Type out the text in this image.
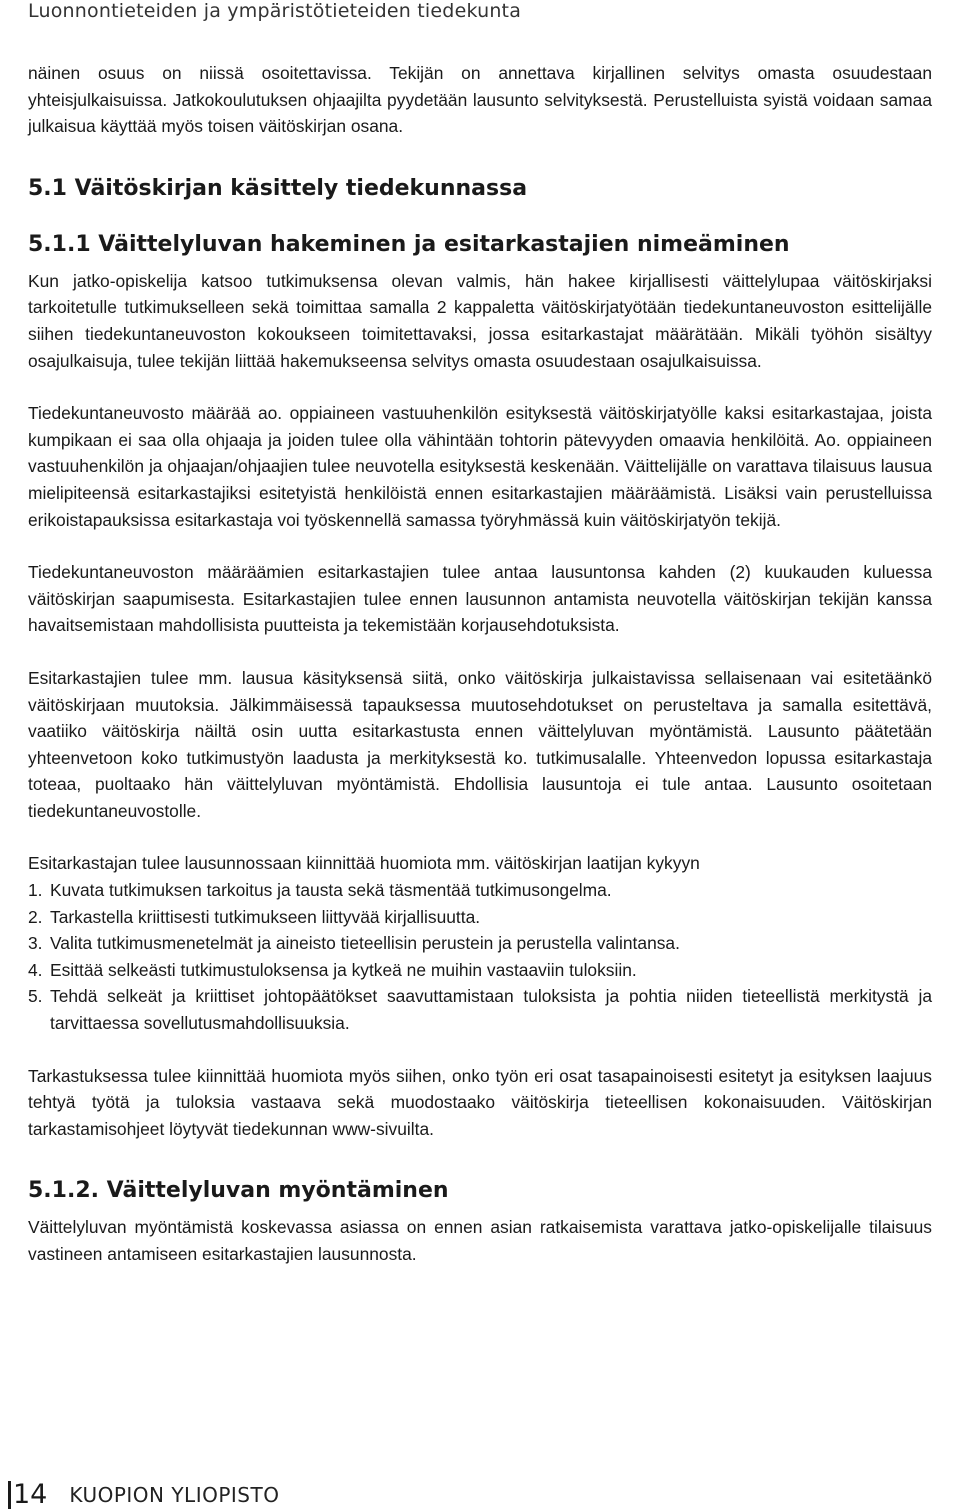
Luonnontieteiden ja ympäristötieteiden tiedekunta

näinen osuus on niissä osoitettavissa. Tekijän on annettava kirjallinen selvitys omasta osuudestaan yhteisjulkaisuissa. Jatkokoulutuksen ohjaajilta pyydetään lausunto selvityksestä. Perustelluista syistä voidaan samaa julkaisua käyttää myös toisen väitöskirjan osana.

5.1 Väitöskirjan käsittely tiedekunnassa
5.1.1 Väittelyluvan hakeminen ja esitarkastajien nimeäminen

Kun jatko-opiskelija katsoo tutkimuksensa olevan valmis, hän hakee kirjallisesti väittelylupaa väitöskirjaksi tarkoitetulle tutkimukselleen sekä toimittaa samalla 2 kappaletta väitöskirjatyötään tiedekuntaneuvoston esittelijälle siihen tiedekuntaneuvoston kokoukseen toimitettavaksi, jossa esitarkastajat määrätään. Mikäli työhön sisältyy osajulkaisuja, tulee tekijän liittää hakemukseensa selvitys omasta osuudestaan osajulkaisuissa.

Tiedekuntaneuvosto määrää ao. oppiaineen vastuuhenkilön esityksestä väitöskirjatyölle kaksi esitarkastajaa, joista kumpikaan ei saa olla ohjaaja ja joiden tulee olla vähintään tohtorin pätevyyden omaavia henkilöitä. Ao. oppiaineen vastuuhenkilön ja ohjaajan/ohjaajien tulee neuvotella esityksestä keskenään. Väittelijälle on varattava tilaisuus lausua mielipiteensä esitarkastajiksi esitetyistä henkilöistä ennen esitarkastajien määräämistä. Lisäksi vain perustelluissa erikoistapauksissa esitarkastaja voi työskennellä samassa työryhmässä kuin väitöskirjatyön tekijä.

Tiedekuntaneuvoston määräämien esitarkastajien tulee antaa lausuntonsa kahden (2) kuukauden kuluessa väitöskirjan saapumisesta. Esitarkastajien tulee ennen lausunnon antamista neuvotella väitöskirjan tekijän kanssa havaitsemistaan mahdollisista puutteista ja tekemistään korjausehdotuksista.

Esitarkastajien tulee mm. lausua käsityksensä siitä, onko väitöskirja julkaistavissa sellaisenaan vai esitetäänkö väitöskirjaan muutoksia. Jälkimmäisessä tapauksessa muutosehdotukset on perusteltava ja samalla esitettävä, vaatiiko väitöskirja näiltä osin uutta esitarkastusta ennen väittelyluvan myöntämistä. Lausunto päätetään yhteenvetoon koko tutkimustyön laadusta ja merkityksestä ko. tutkimusalalle. Yhteenvedon lopussa esitarkastaja toteaa, puoltaako hän väittelyluvan myöntämistä. Ehdollisia lausuntoja ei tule antaa. Lausunto osoitetaan tiedekuntaneuvostolle.

Esitarkastajan tulee lausunnossaan kiinnittää huomiota mm. väitöskirjan laatijan kykyyn

1. Kuvata tutkimuksen tarkoitus ja tausta sekä täsmentää tutkimusongelma.
2. Tarkastella kriittisesti tutkimukseen liittyvää kirjallisuutta.
3. Valita tutkimusmenetelmät ja aineisto tieteellisin perustein ja perustella valintansa.
4. Esittää selkeästi tutkimustuloksensa ja kytkeä ne muihin vastaaviin tuloksiin.
5. Tehdä selkeät ja kriittiset johtopäätökset saavuttamistaan tuloksista ja pohtia niiden tieteellistä merkitystä ja tarvittaessa sovellutusmahdollisuuksia.

Tarkastuksessa tulee kiinnittää huomiota myös siihen, onko työn eri osat tasapainoisesti esitetyt ja esityksen laajuus tehtyä työtä ja tuloksia vastaava sekä muodostaako väitöskirja tieteellisen kokonaisuuden. Väitöskirjan tarkastamisohjeet löytyvät tiedekunnan www-sivuilta.

5.1.2. Väittelyluvan myöntäminen

Väittelyluvan myöntämistä koskevassa asiassa on ennen asian ratkaisemista varattava jatko-opiskelijalle tilaisuus vastineen antamiseen esitarkastajien lausunnosta.

14 KUOPION YLIOPISTO
